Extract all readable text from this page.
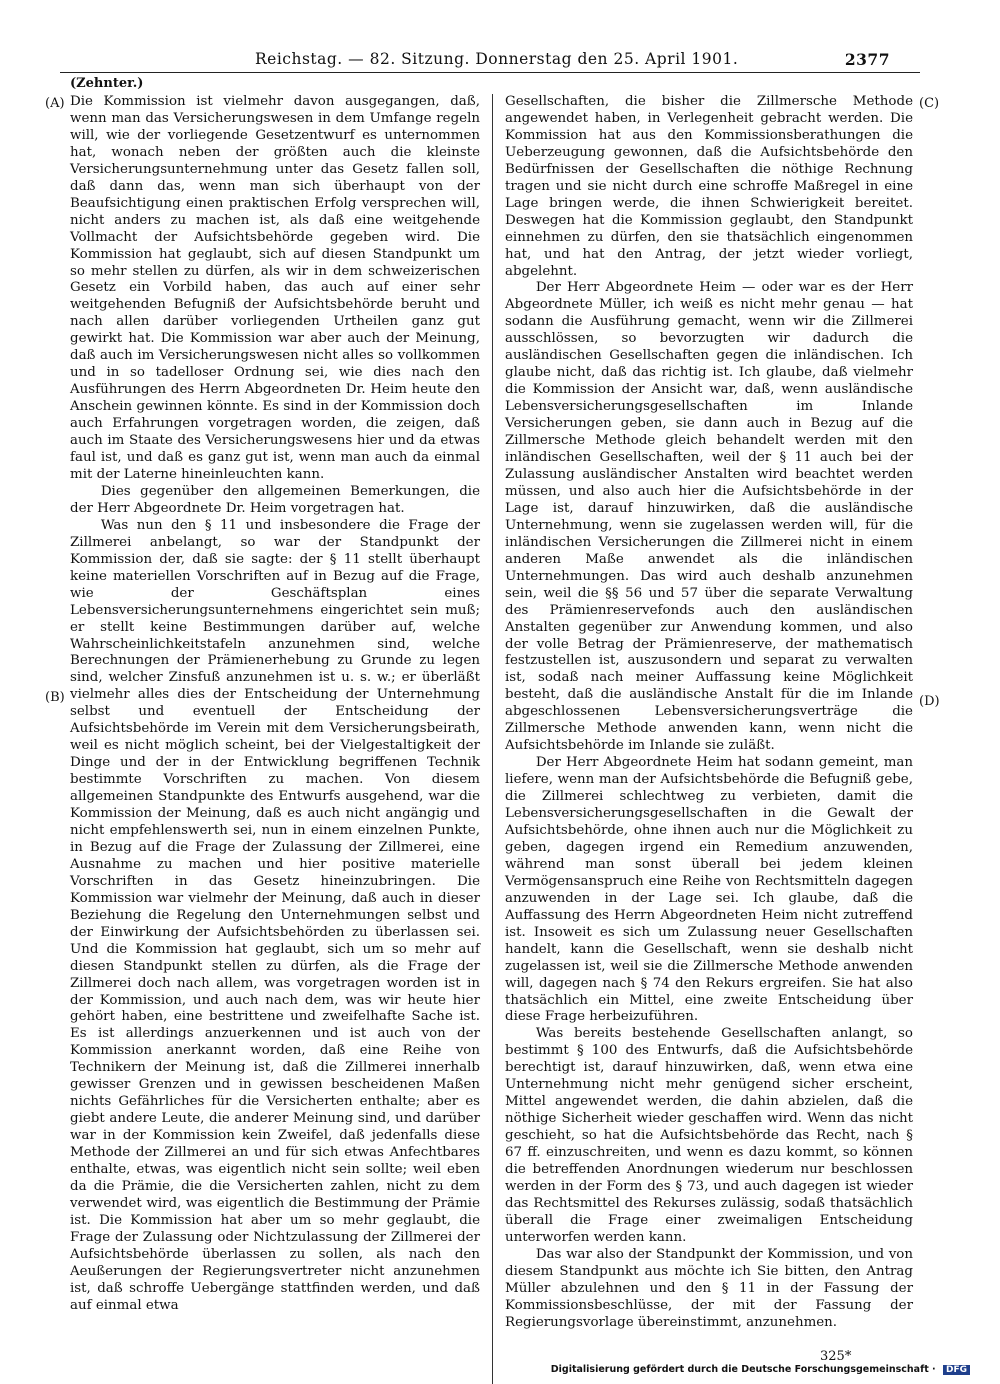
Reichstag. — 82. Sitzung. Donnerstag den 25. April 1901.	2377
(Zehnter.)
(A)
(B)
(C)
(D)

Die Kommission ist vielmehr davon ausgegangen, daß, wenn man das Versicherungswesen in dem Umfange regeln will, wie der vorliegende Gesetzentwurf es unternommen hat, wonach neben der größten auch die kleinste Versicherungsunternehmung unter das Gesetz fallen soll, daß dann das, wenn man sich überhaupt von der Beaufsichtigung einen praktischen Erfolg versprechen will, nicht anders zu machen ist, als daß eine weitgehende Vollmacht der Aufsichtsbehörde gegeben wird. Die Kommission hat geglaubt, sich auf diesen Standpunkt um so mehr stellen zu dürfen, als wir in dem schweizerischen Gesetz ein Vorbild haben, das auch auf einer sehr weitgehenden Befugniß der Aufsichtsbehörde beruht und nach allen darüber vorliegenden Urtheilen ganz gut gewirkt hat. Die Kommission war aber auch der Meinung, daß auch im Versicherungswesen nicht alles so vollkommen und in so tadelloser Ordnung sei, wie dies nach den Ausführungen des Herrn Abgeordneten Dr. Heim heute den Anschein gewinnen könnte. Es sind in der Kommission doch auch Erfahrungen vorgetragen worden, die zeigen, daß auch im Staate des Versicherungswesens hier und da etwas faul ist, und daß es ganz gut ist, wenn man auch da einmal mit der Laterne hineinleuchten kann.

Dies gegenüber den allgemeinen Bemerkungen, die der Herr Abgeordnete Dr. Heim vorgetragen hat.

Was nun den § 11 und insbesondere die Frage der Zillmerei anbelangt, so war der Standpunkt der Kommission der, daß sie sagte: der § 11 stellt überhaupt keine materiellen Vorschriften auf in Bezug auf die Frage, wie der Geschäftsplan eines Lebensversicherungsunternehmens eingerichtet sein muß; er stellt keine Bestimmungen darüber auf, welche Wahrscheinlichkeitstafeln anzunehmen sind, welche Berechnungen der Prämienerhebung zu Grunde zu legen sind, welcher Zinsfuß anzunehmen ist u. s. w.; er überläßt vielmehr alles dies der Entscheidung der Unternehmung selbst und eventuell der Entscheidung der Aufsichtsbehörde im Verein mit dem Versicherungsbeirath, weil es nicht möglich scheint, bei der Vielgestaltigkeit der Dinge und der in der Entwicklung begriffenen Technik bestimmte Vorschriften zu machen. Von diesem allgemeinen Standpunkte des Entwurfs ausgehend, war die Kommission der Meinung, daß es auch nicht angängig und nicht empfehlenswerth sei, nun in einem einzelnen Punkte, in Bezug auf die Frage der Zulassung der Zillmerei, eine Ausnahme zu machen und hier positive materielle Vorschriften in das Gesetz hineinzubringen. Die Kommission war vielmehr der Meinung, daß auch in dieser Beziehung die Regelung den Unternehmungen selbst und der Einwirkung der Aufsichtsbehörden zu überlassen sei. Und die Kommission hat geglaubt, sich um so mehr auf diesen Standpunkt stellen zu dürfen, als die Frage der Zillmerei doch nach allem, was vorgetragen worden ist in der Kommission, und auch nach dem, was wir heute hier gehört haben, eine bestrittene und zweifelhafte Sache ist. Es ist allerdings anzuerkennen und ist auch von der Kommission anerkannt worden, daß eine Reihe von Technikern der Meinung ist, daß die Zillmerei innerhalb gewisser Grenzen und in gewissen bescheidenen Maßen nichts Gefährliches für die Versicherten enthalte; aber es giebt andere Leute, die anderer Meinung sind, und darüber war in der Kommission kein Zweifel, daß jedenfalls diese Methode der Zillmerei an und für sich etwas Anfechtbares enthalte, etwas, was eigentlich nicht sein sollte; weil eben da die Prämie, die die Versicherten zahlen, nicht zu dem verwendet wird, was eigentlich die Bestimmung der Prämie ist. Die Kommission hat aber um so mehr geglaubt, die Frage der Zulassung oder Nichtzulassung der Zillmerei der Aufsichtsbehörde überlassen zu sollen, als nach den Aeußerungen der Regierungsvertreter nicht anzunehmen ist, daß schroffe Uebergänge stattfinden werden, und daß auf einmal etwa

Gesellschaften, die bisher die Zillmersche Methode angewendet haben, in Verlegenheit gebracht werden. Die Kommission hat aus den Kommissionsberathungen die Ueberzeugung gewonnen, daß die Aufsichtsbehörde den Bedürfnissen der Gesellschaften die nöthige Rechnung tragen und sie nicht durch eine schroffe Maßregel in eine Lage bringen werde, die ihnen Schwierigkeit bereitet. Deswegen hat die Kommission geglaubt, den Standpunkt einnehmen zu dürfen, den sie thatsächlich eingenommen hat, und hat den Antrag, der jetzt wieder vorliegt, abgelehnt.

Der Herr Abgeordnete Heim — oder war es der Herr Abgeordnete Müller, ich weiß es nicht mehr genau — hat sodann die Ausführung gemacht, wenn wir die Zillmerei ausschlössen, so bevorzugten wir dadurch die ausländischen Gesellschaften gegen die inländischen. Ich glaube nicht, daß das richtig ist. Ich glaube, daß vielmehr die Kommission der Ansicht war, daß, wenn ausländische Lebensversicherungsgesellschaften im Inlande Versicherungen geben, sie dann auch in Bezug auf die Zillmersche Methode gleich behandelt werden mit den inländischen Gesellschaften, weil der § 11 auch bei der Zulassung ausländischer Anstalten wird beachtet werden müssen, und also auch hier die Aufsichtsbehörde in der Lage ist, darauf hinzuwirken, daß die ausländische Unternehmung, wenn sie zugelassen werden will, für die inländischen Versicherungen die Zillmerei nicht in einem anderen Maße anwendet als die inländischen Unternehmungen. Das wird auch deshalb anzunehmen sein, weil die §§ 56 und 57 über die separate Verwaltung des Prämienreservefonds auch den ausländischen Anstalten gegenüber zur Anwendung kommen, und also der volle Betrag der Prämienreserve, der mathematisch festzustellen ist, auszusondern und separat zu verwalten ist, sodaß nach meiner Auffassung keine Möglichkeit besteht, daß die ausländische Anstalt für die im Inlande abgeschlossenen Lebensversicherungsverträge die Zillmersche Methode anwenden kann, wenn nicht die Aufsichtsbehörde im Inlande sie zuläßt.

Der Herr Abgeordnete Heim hat sodann gemeint, man liefere, wenn man der Aufsichtsbehörde die Befugniß gebe, die Zillmerei schlechtweg zu verbieten, damit die Lebensversicherungsgesellschaften in die Gewalt der Aufsichtsbehörde, ohne ihnen auch nur die Möglichkeit zu geben, dagegen irgend ein Remedium anzuwenden, während man sonst überall bei jedem kleinen Vermögensanspruch eine Reihe von Rechtsmitteln dagegen anzuwenden in der Lage sei. Ich glaube, daß die Auffassung des Herrn Abgeordneten Heim nicht zutreffend ist. Insoweit es sich um Zulassung neuer Gesellschaften handelt, kann die Gesellschaft, wenn sie deshalb nicht zugelassen ist, weil sie die Zillmersche Methode anwenden will, dagegen nach § 74 den Rekurs ergreifen. Sie hat also thatsächlich ein Mittel, eine zweite Entscheidung über diese Frage herbeizuführen.

Was bereits bestehende Gesellschaften anlangt, so bestimmt § 100 des Entwurfs, daß die Aufsichtsbehörde berechtigt ist, darauf hinzuwirken, daß, wenn etwa eine Unternehmung nicht mehr genügend sicher erscheint, Mittel angewendet werden, die dahin abzielen, daß die nöthige Sicherheit wieder geschaffen wird. Wenn das nicht geschieht, so hat die Aufsichtsbehörde das Recht, nach § 67 ff. einzuschreiten, und wenn es dazu kommt, so können die betreffenden Anordnungen wiederum nur beschlossen werden in der Form des § 73, und auch dagegen ist wieder das Rechtsmittel des Rekurses zulässig, sodaß thatsächlich überall die Frage einer zweimaligen Entscheidung unterworfen werden kann.

Das war also der Standpunkt der Kommission, und von diesem Standpunkt aus möchte ich Sie bitten, den Antrag Müller abzulehnen und den § 11 in der Fassung der Kommissionsbeschlüsse, der mit der Fassung der Regierungsvorlage übereinstimmt, anzunehmen.

325*
Digitalisierung gefördert durch die Deutsche Forschungsgemeinschaft · DFG
